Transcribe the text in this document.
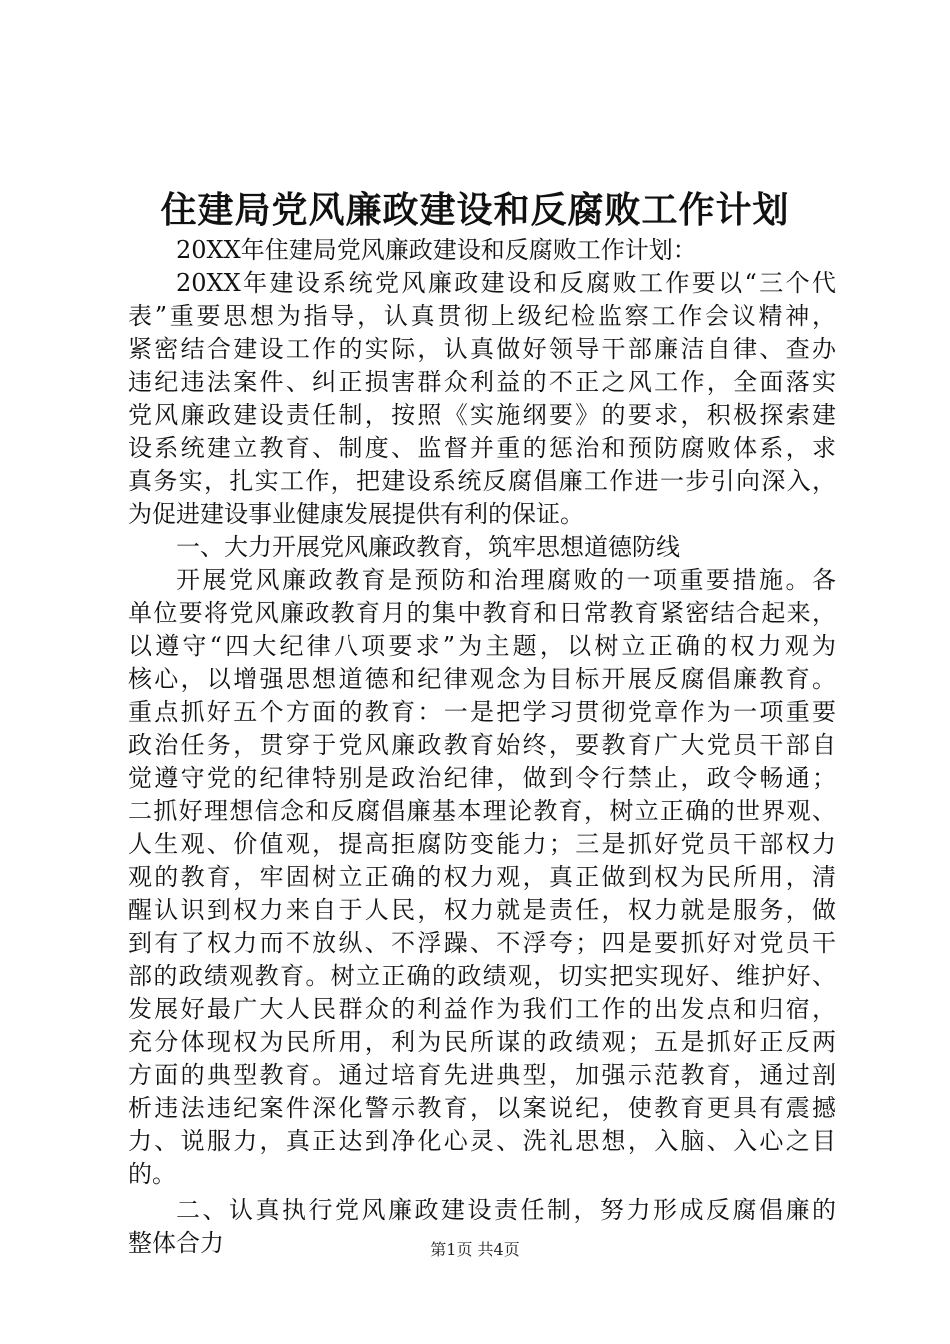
住建局党风廉政建设和反腐败工作计划
20XX年住建局党风廉政建设和反腐败工作计划：
20XX年建设系统党风廉政建设和反腐败工作要以“三个代
表”重要思想为指导，认真贯彻上级纪检监察工作会议精神，
紧密结合建设工作的实际，认真做好领导干部廉洁自律、查办
违纪违法案件、纠正损害群众利益的不正之风工作，全面落实
党风廉政建设责任制，按照《实施纲要》的要求，积极探索建
设系统建立教育、制度、监督并重的惩治和预防腐败体系，求
真务实，扎实工作，把建设系统反腐倡廉工作进一步引向深入，
为促进建设事业健康发展提供有利的保证。
一、大力开展党风廉政教育，筑牢思想道德防线
开展党风廉政教育是预防和治理腐败的一项重要措施。各
单位要将党风廉政教育月的集中教育和日常教育紧密结合起来，
以遵守“四大纪律八项要求”为主题，以树立正确的权力观为
核心，以增强思想道德和纪律观念为目标开展反腐倡廉教育。
重点抓好五个方面的教育：一是把学习贯彻党章作为一项重要
政治任务，贯穿于党风廉政教育始终，要教育广大党员干部自
觉遵守党的纪律特别是政治纪律，做到令行禁止，政令畅通；
二抓好理想信念和反腐倡廉基本理论教育，树立正确的世界观、
人生观、价值观，提高拒腐防变能力；三是抓好党员干部权力
观的教育，牢固树立正确的权力观，真正做到权为民所用，清
醒认识到权力来自于人民，权力就是责任，权力就是服务，做
到有了权力而不放纵、不浮躁、不浮夸；四是要抓好对党员干
部的政绩观教育。树立正确的政绩观，切实把实现好、维护好、
发展好最广大人民群众的利益作为我们工作的出发点和归宿，
充分体现权为民所用，利为民所谋的政绩观；五是抓好正反两
方面的典型教育。通过培育先进典型，加强示范教育，通过剖
析违法违纪案件深化警示教育，以案说纪，使教育更具有震撼
力、说服力，真正达到净化心灵、洗礼思想，入脑、入心之目
的。
二、认真执行党风廉政建设责任制，努力形成反腐倡廉的
整体合力	第1页 共4页
